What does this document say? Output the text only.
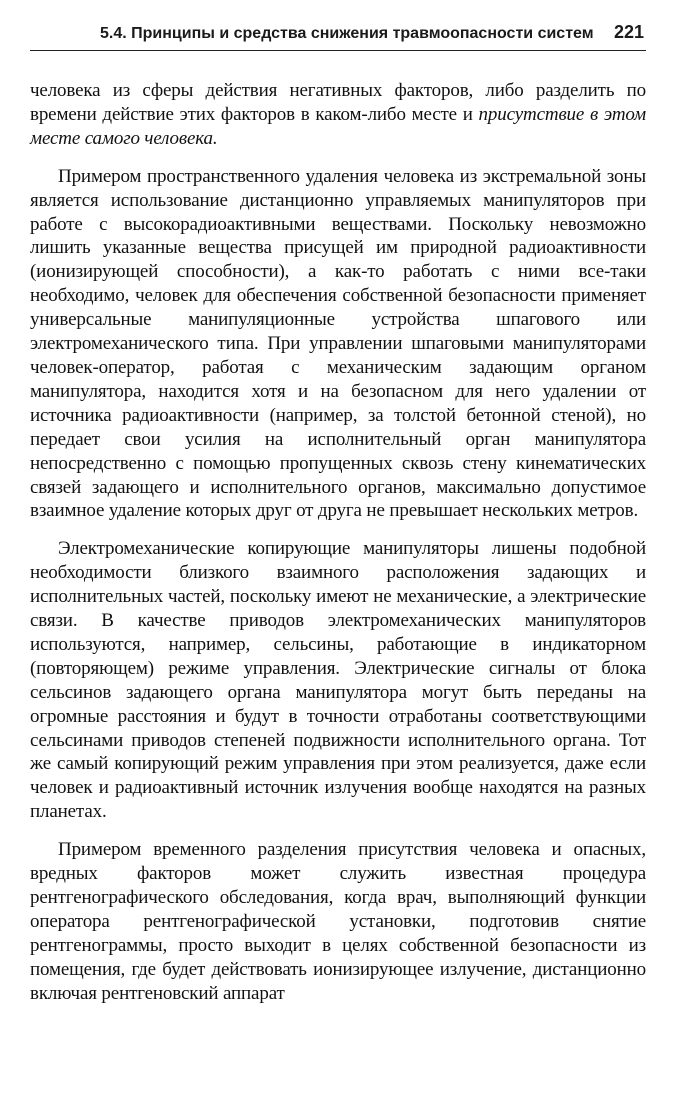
5.4. Принципы и средства снижения травмоопасности систем 221

человека из сферы действия негативных факторов, либо разделить по времени действие этих факторов в каком-либо месте и присутствие в этом месте самого человека.

Примером пространственного удаления человека из экстремальной зоны является использование дистанционно управляемых манипуляторов при работе с высокорадиоактивными веществами. Поскольку невозможно лишить указанные вещества присущей им природной радиоактивности (ионизирующей способности), а как-то работать с ними все-таки необходимо, человек для обеспечения собственной безопасности применяет универсальные манипуляционные устройства шпагового или электромеханического типа. При управлении шпаговыми манипуляторами человек-оператор, работая с механическим задающим органом манипулятора, находится хотя и на безопасном для него удалении от источника радиоактивности (например, за толстой бетонной стеной), но передает свои усилия на исполнительный орган манипулятора непосредственно с помощью пропущенных сквозь стену кинематических связей задающего и исполнительного органов, максимально допустимое взаимное удаление которых друг от друга не превышает нескольких метров.

Электромеханические копирующие манипуляторы лишены подобной необходимости близкого взаимного расположения задающих и исполнительных частей, поскольку имеют не механические, а электрические связи. В качестве приводов электромеханических манипуляторов используются, например, сельсины, работающие в индикаторном (повторяющем) режиме управления. Электрические сигналы от блока сельсинов задающего органа манипулятора могут быть переданы на огромные расстояния и будут в точности отработаны соответствующими сельсинами приводов степеней подвижности исполнительного органа. Тот же самый копирующий режим управления при этом реализуется, даже если человек и радиоактивный источник излучения вообще находятся на разных планетах.

Примером временного разделения присутствия человека и опасных, вредных факторов может служить известная процедура рентгенографического обследования, когда врач, выполняющий функции оператора рентгенографической установки, подготовив снятие рентгенограммы, просто выходит в целях собственной безопасности из помещения, где будет действовать ионизирующее излучение, дистанционно включая рентгеновский аппарат
